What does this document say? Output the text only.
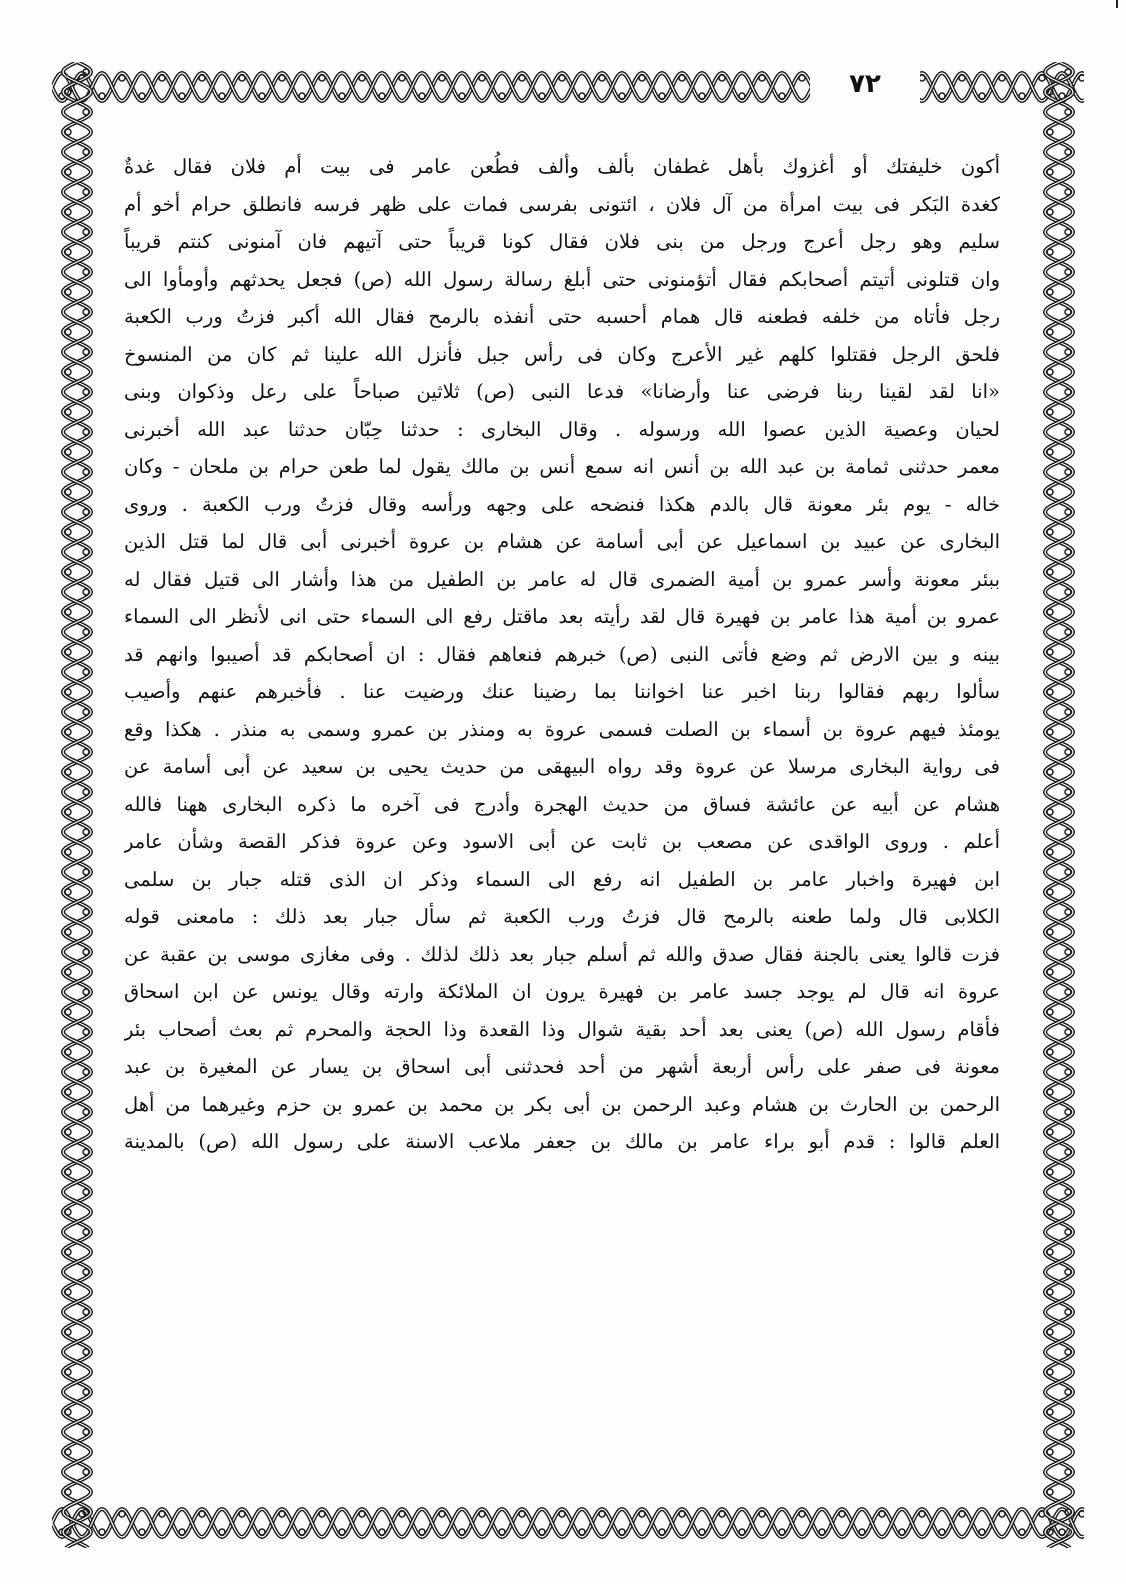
٧٢
أكون خليفتك أو أغزوك بأهل غطفان بألف وألف فطُعن عامر فى بيت أم فلان فقال غدةٌ
كغدة البَكر فى بيت امرأة من آل فلان ، ائتونى بفرسى فمات على ظهر فرسه فانطلق حرام أخو أم
سليم وهو رجل أعرج ورجل من بنى فلان فقال كونا قريباً حتى آتيهم فان آمنونى كنتم قريباً
وان قتلونى أتيتم أصحابكم فقال أتؤمنونى حتى أبلغ رسالة رسول الله (ص) فجعل يحدثهم وأومأوا الى
رجل فأتاه من خلفه فطعنه قال همام أحسبه حتى أنفذه بالرمح فقال الله أكبر فزتُ ورب الكعبة
فلحق الرجل فقتلوا كلهم غير الأعرج وكان فى رأس جبل فأنزل الله علينا ثم كان من المنسوخ
«انا لقد لقينا ربنا فرضى عنا وأرضانا» فدعا النبى (ص) ثلاثين صباحاً على رعل وذكوان وبنى
لحيان وعصية الذين عصوا الله ورسوله . وقال البخارى : حدثنا حِبّان حدثنا عبد الله أخبرنى
معمر حدثنى ثمامة بن عبد الله بن أنس انه سمع أنس بن مالك يقول لما طعن حرام بن ملحان - وكان
خاله - يوم بئر معونة قال بالدم هكذا فنضحه على وجهه ورأسه وقال فزتُ ورب الكعبة . وروى
البخارى عن عبيد بن اسماعيل عن أبى أسامة عن هشام بن عروة أخبرنى أبى قال لما قتل الذين
ببئر معونة وأسر عمرو بن أمية الضمرى قال له عامر بن الطفيل من هذا وأشار الى قتيل فقال له
عمرو بن أمية هذا عامر بن فهيرة قال لقد رأيته بعد ماقتل رفع الى السماء حتى انى لأنظر الى السماء
بينه و بين الارض ثم وضع فأتى النبى (ص) خبرهم فنعاهم فقال : ان أصحابكم قد أصيبوا وانهم قد
سألوا ربهم فقالوا ربنا اخبر عنا اخواننا بما رضينا عنك ورضيت عنا . فأخبرهم عنهم وأصيب
يومئذ فيهم عروة بن أسماء بن الصلت فسمى عروة به ومنذر بن عمرو وسمى به منذر . هكذا وقع
فى رواية البخارى مرسلا عن عروة وقد رواه البيهقى من حديث يحيى بن سعيد عن أبى أسامة عن
هشام عن أبيه عن عائشة فساق من حديث الهجرة وأدرج فى آخره ما ذكره البخارى ههنا فالله
أعلم . وروى الواقدى عن مصعب بن ثابت عن أبى الاسود وعن عروة فذكر القصة وشأن عامر
ابن فهيرة واخبار عامر بن الطفيل انه رفع الى السماء وذكر ان الذى قتله جبار بن سلمى
الكلابى قال ولما طعنه بالرمح قال فزتُ ورب الكعبة ثم سأل جبار بعد ذلك : مامعنى قوله
فزت قالوا يعنى بالجنة فقال صدق والله ثم أسلم جبار بعد ذلك لذلك . وفى مغازى موسى بن عقبة عن
عروة انه قال لم يوجد جسد عامر بن فهيرة يرون ان الملائكة وارته وقال يونس عن ابن اسحاق
فأقام رسول الله (ص) يعنى بعد أحد بقية شوال وذا القعدة وذا الحجة والمحرم ثم بعث أصحاب بئر
معونة فى صفر على رأس أربعة أشهر من أحد فحدثنى أبى اسحاق بن يسار عن المغيرة بن عبد
الرحمن بن الحارث بن هشام وعبد الرحمن بن أبى بكر بن محمد بن عمرو بن حزم وغيرهما من أهل
العلم قالوا : قدم أبو براء عامر بن مالك بن جعفر ملاعب الاسنة على رسول الله (ص) بالمدينة
